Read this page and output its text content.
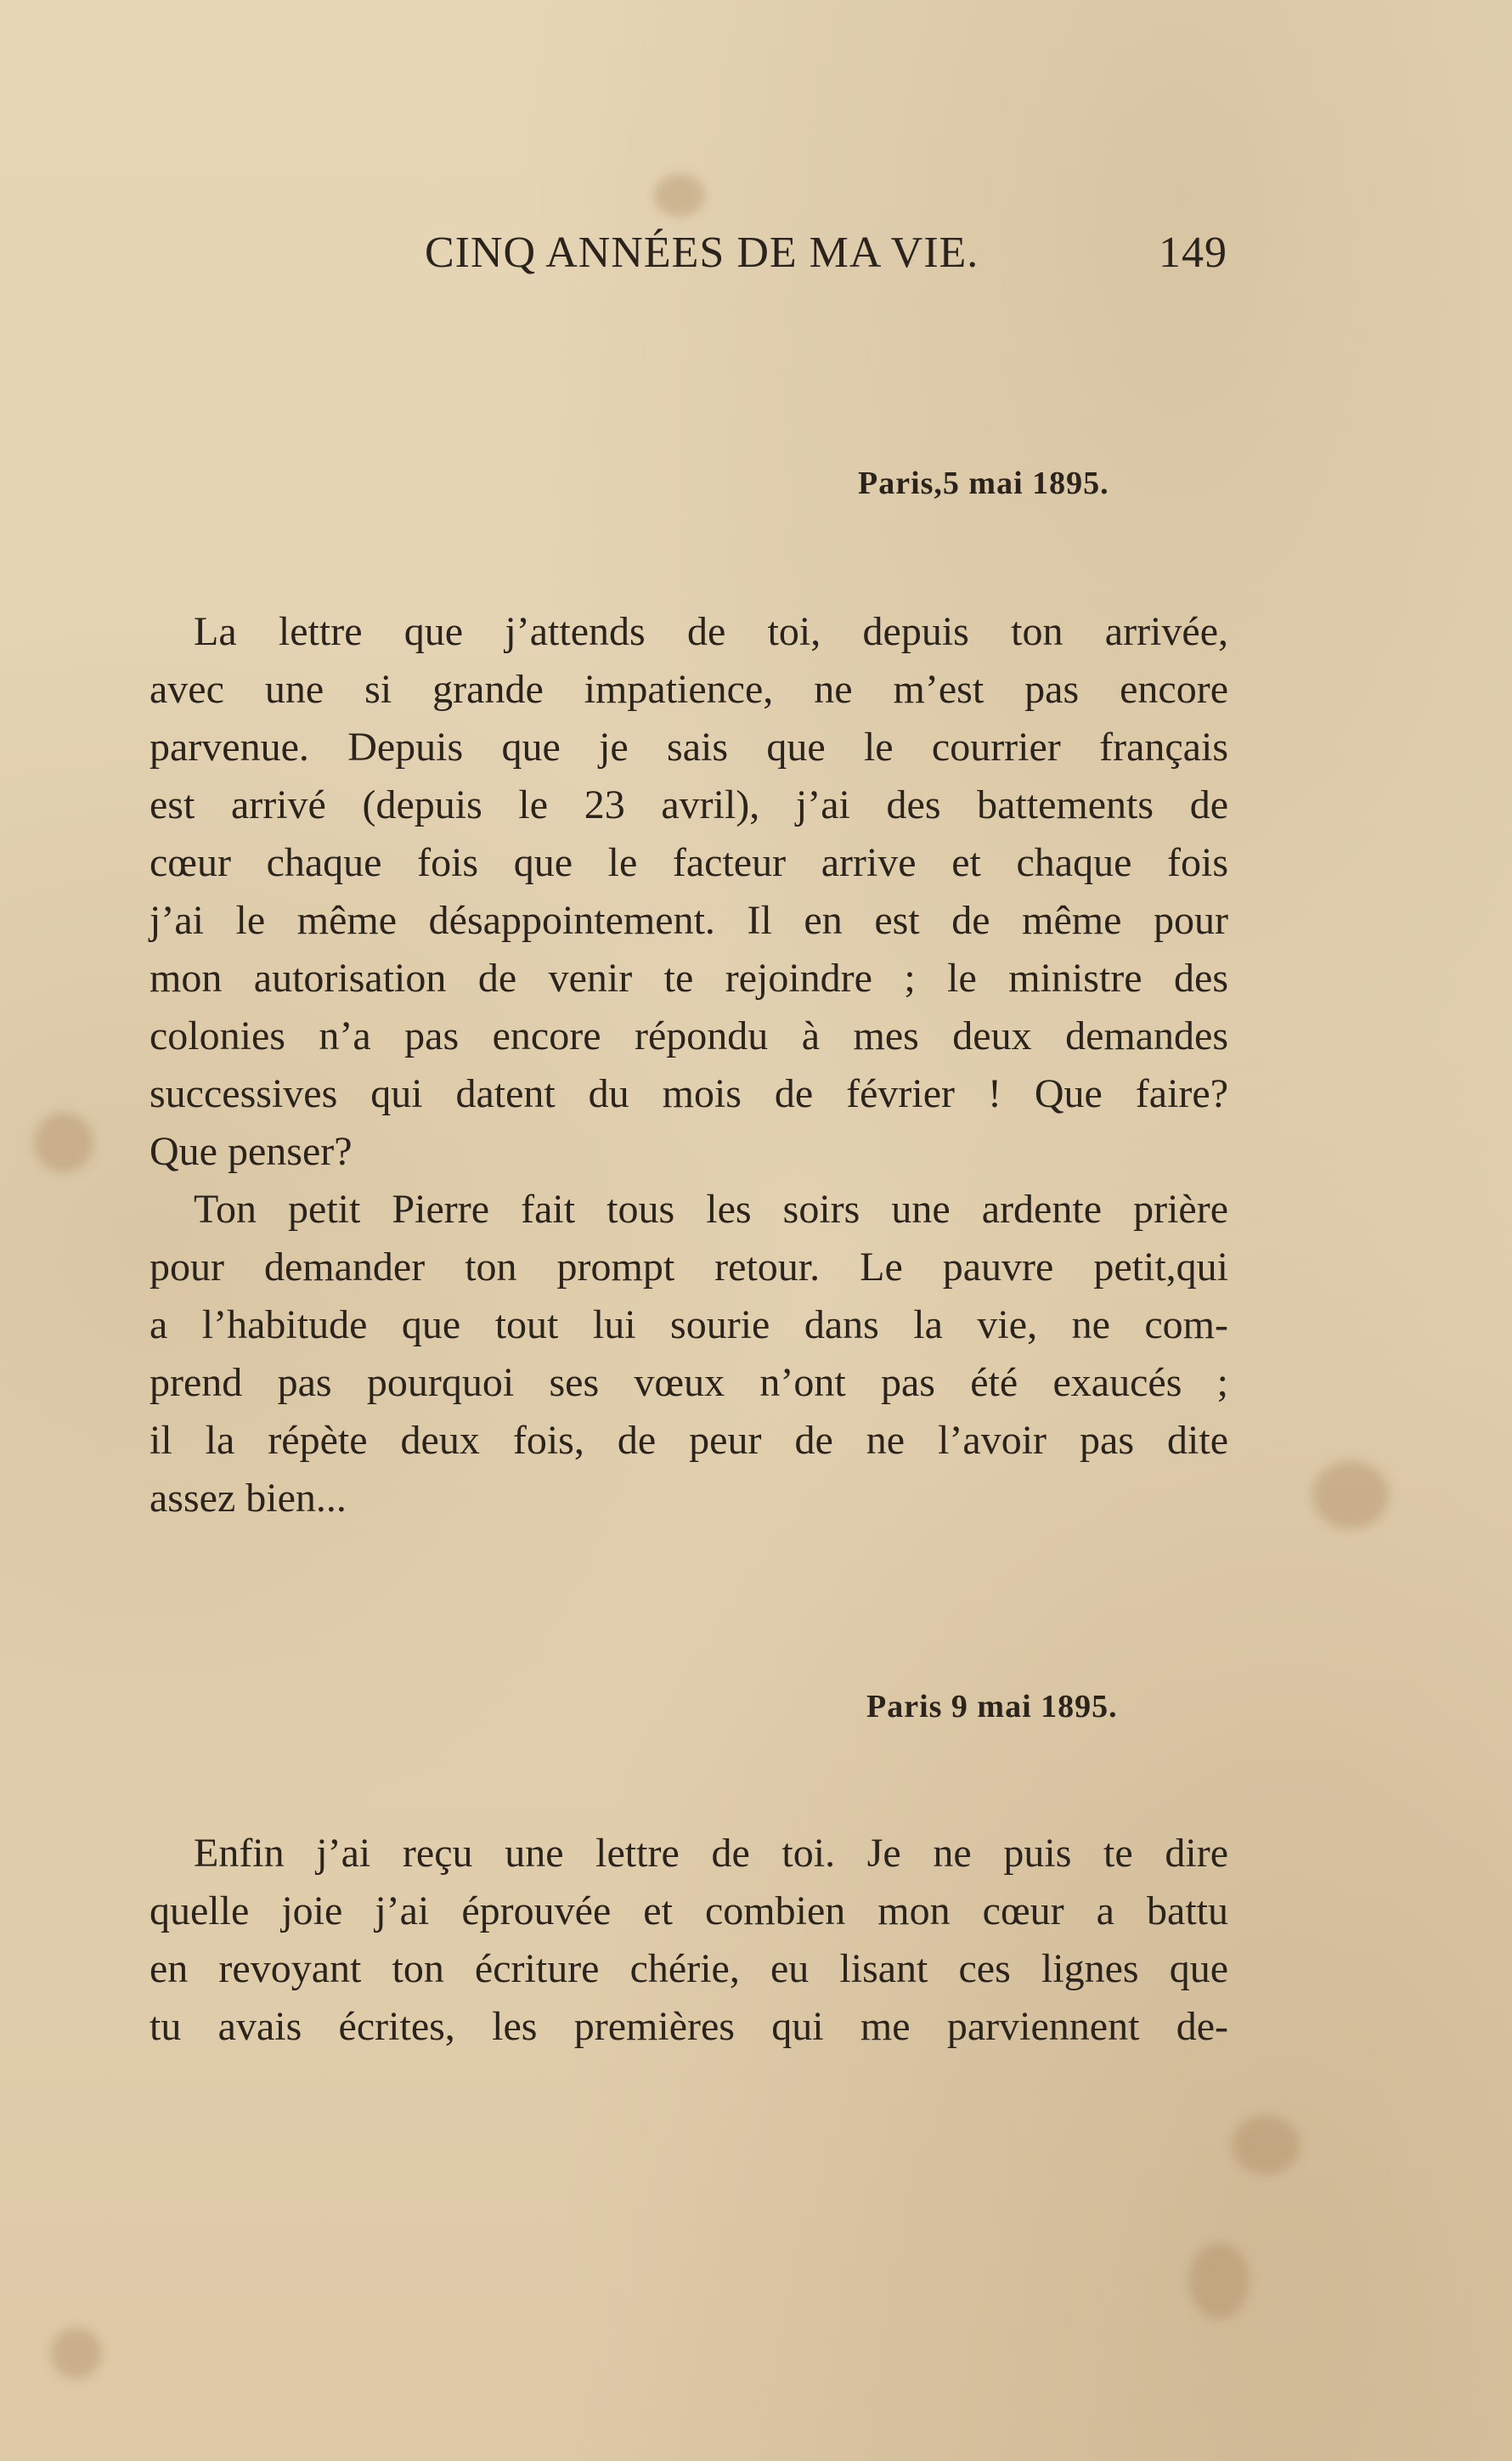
CINQ ANNÉES DE MA VIE.	149
Paris,5 mai 1895.
La lettre que j’attends de toi, depuis ton arrivée,
avec une si grande impatience, ne m’est pas encore
parvenue. Depuis que je sais que le courrier français
est arrivé (depuis le 23 avril), j’ai des battements de
cœur chaque fois que le facteur arrive et chaque fois
j’ai le même désappointement. Il en est de même pour
mon autorisation de venir te rejoindre ; le ministre des
colonies n’a pas encore répondu à mes deux demandes
successives qui datent du mois de février ! Que faire?
Que penser?
Ton petit Pierre fait tous les soirs une ardente prière
pour demander ton prompt retour. Le pauvre petit,qui
a l’habitude que tout lui sourie dans la vie, ne com-
prend pas pourquoi ses vœux n’ont pas été exaucés ;
il la répète deux fois, de peur de ne l’avoir pas dite
assez bien...
Paris 9 mai 1895.
Enfin j’ai reçu une lettre de toi. Je ne puis te dire
quelle joie j’ai éprouvée et combien mon cœur a battu
en revoyant ton écriture chérie, eu lisant ces lignes que
tu avais écrites, les premières qui me parviennent de-
